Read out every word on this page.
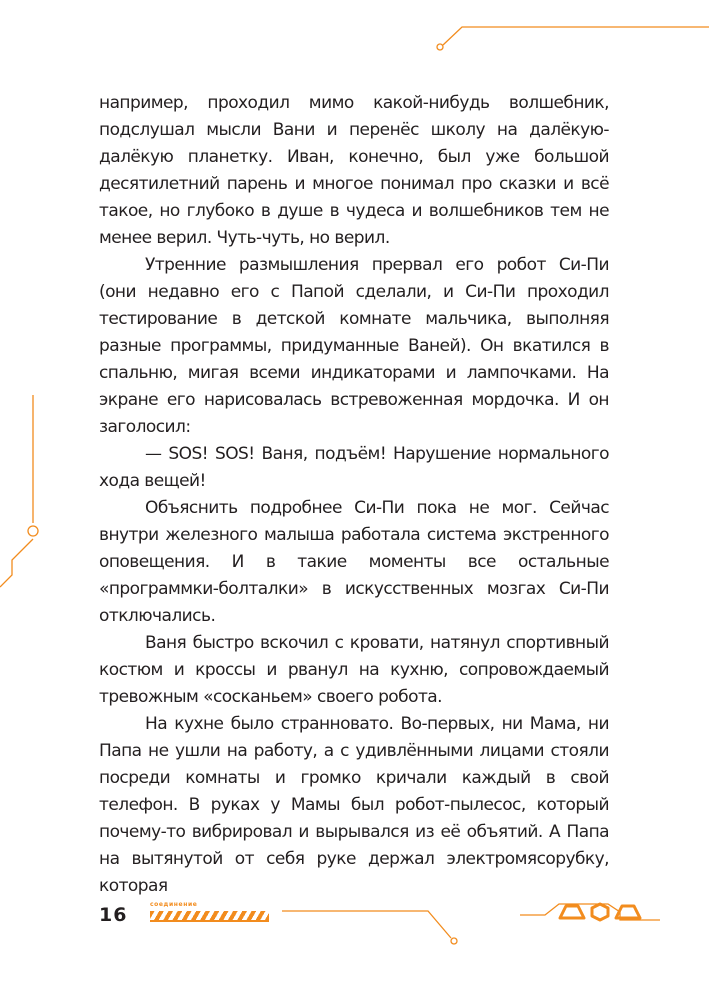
например, проходил мимо какой-нибудь волшебник, подслушал мысли Вани и перенёс школу на далёкую-далёкую планетку. Иван, конечно, был уже большой десятилетний парень и многое понимал про сказки и всё такое, но глубоко в душе в чудеса и волшебников тем не менее верил. Чуть-чуть, но верил.

Утренние размышления прервал его робот Си-Пи (они недавно его с Папой сделали, и Си-Пи проходил тестирование в детской комнате мальчика, выполняя разные программы, придуманные Ваней). Он вкатился в спальню, мигая всеми индикаторами и лампочками. На экране его нарисовалась встревоженная мордочка. И он заголосил:

— SOS! SOS! Ваня, подъём! Нарушение нормального хода вещей!

Объяснить подробнее Си-Пи пока не мог. Сейчас внутри железного малыша работала система экстренного оповещения. И в такие моменты все остальные «программки-болталки» в искусственных мозгах Си-Пи отключались.

Ваня быстро вскочил с кровати, натянул спортивный костюм и кроссы и рванул на кухню, сопровождаемый тревожным «сосканьем» своего робота.

На кухне было странновато. Во-первых, ни Мама, ни Папа не ушли на работу, а с удивлёнными лицами стояли посреди комнаты и громко кричали каждый в свой телефон. В руках у Мамы был робот-пылесос, который почему-то вибрировал и вырывался из её объятий. А Папа на вытянутой от себя руке держал электромясорубку, которая

16	соединение
